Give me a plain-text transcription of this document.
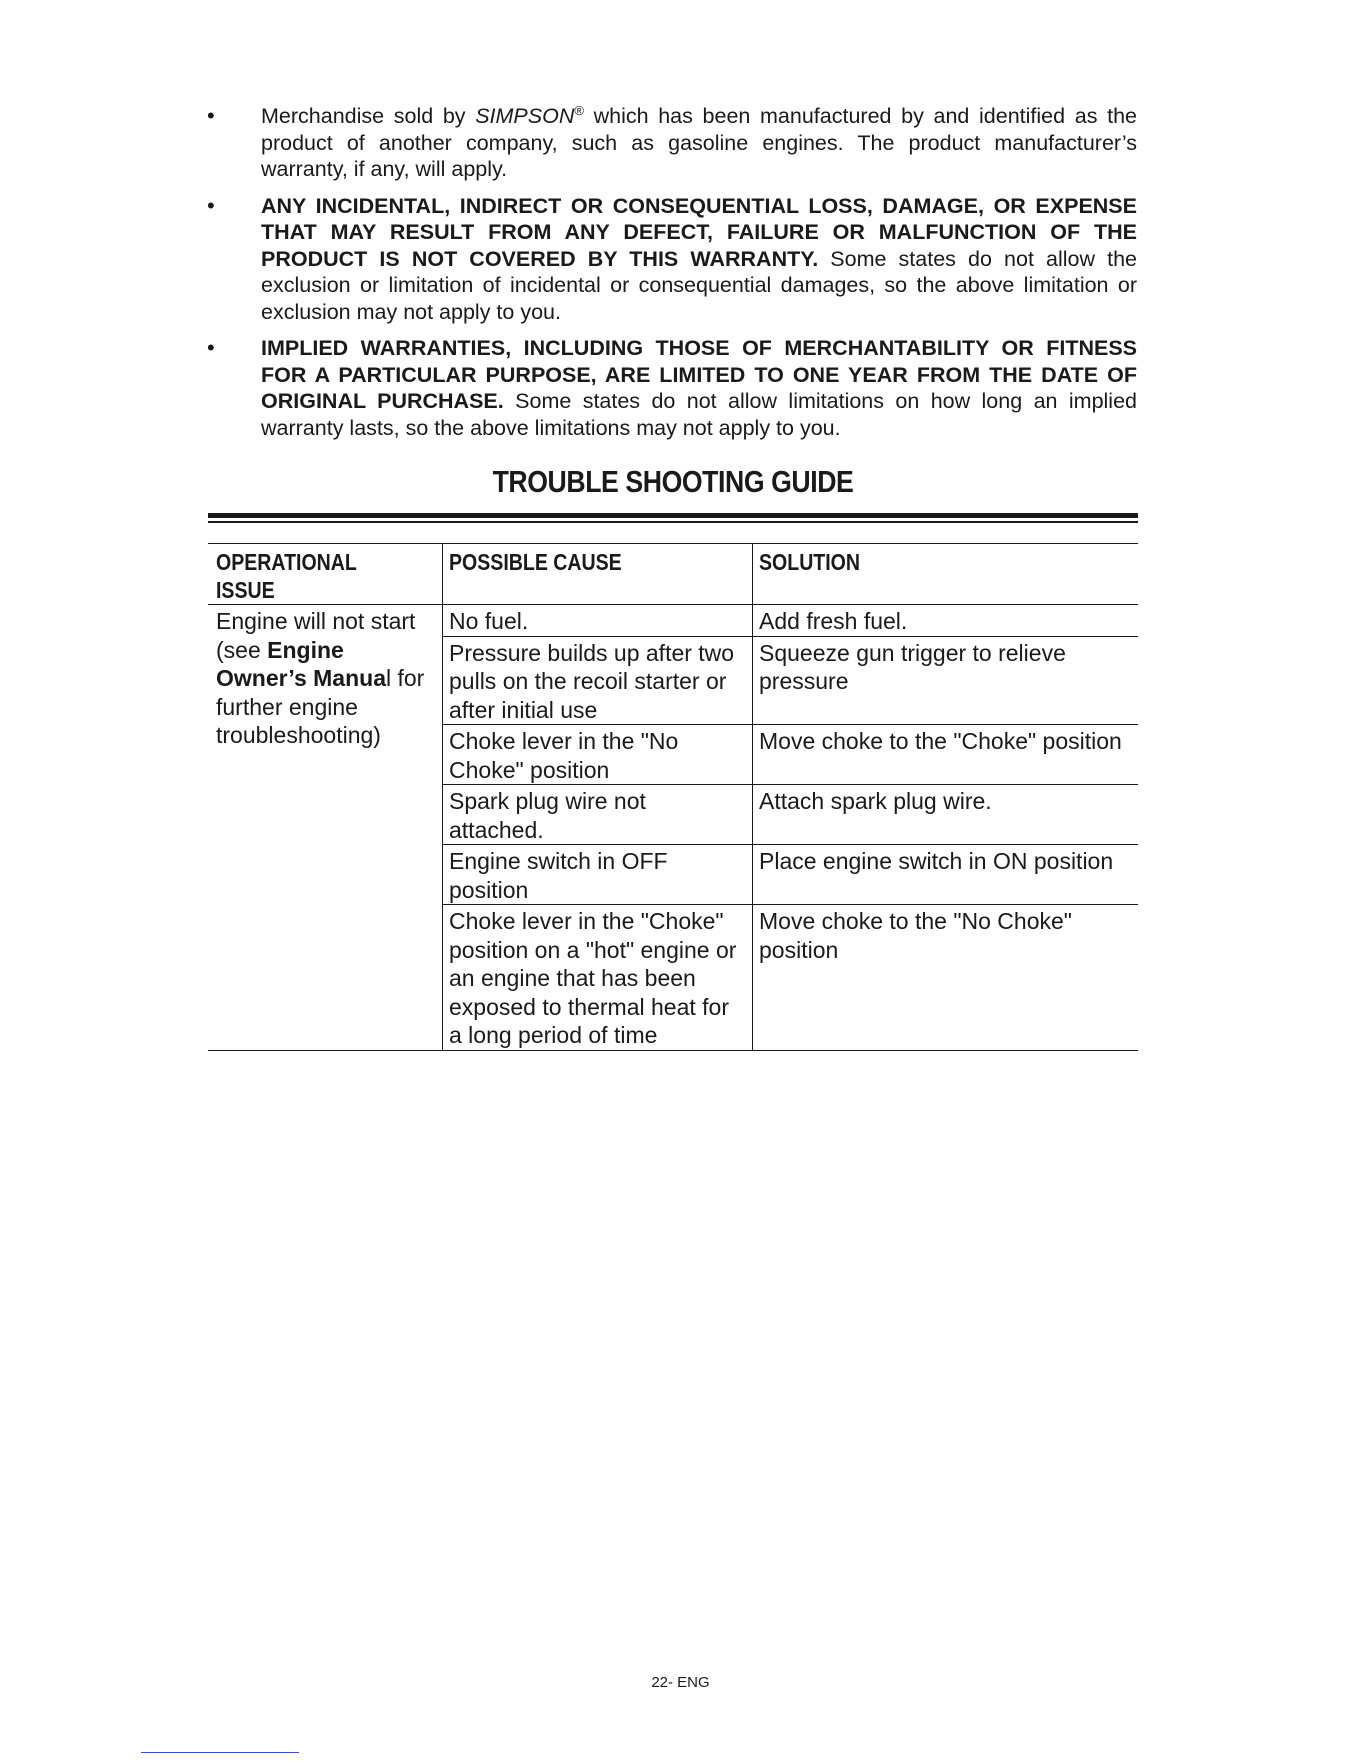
• Merchandise sold by SIMPSON® which has been manufactured by and identified as the product of another company, such as gasoline engines. The product manufacturer’s warranty, if any, will apply.
• ANY INCIDENTAL, INDIRECT OR CONSEQUENTIAL LOSS, DAMAGE, OR EXPENSE THAT MAY RESULT FROM ANY DEFECT, FAILURE OR MALFUNCTION OF THE PRODUCT IS NOT COVERED BY THIS WARRANTY. Some states do not allow the exclusion or limitation of incidental or consequential damages, so the above limitation or exclusion may not apply to you.
• IMPLIED WARRANTIES, INCLUDING THOSE OF MERCHANTABILITY OR FITNESS FOR A PARTICULAR PURPOSE, ARE LIMITED TO ONE YEAR FROM THE DATE OF ORIGINAL PURCHASE. Some states do not allow limitations on how long an implied warranty lasts, so the above limitations may not apply to you.
TROUBLE SHOOTING GUIDE
OPERATIONAL ISSUE	POSSIBLE CAUSE	SOLUTION
Engine will not start (see Engine Owner’s Manual for further engine troubleshooting)	No fuel.	Add fresh fuel.
	Pressure builds up after two pulls on the recoil starter or after initial use	Squeeze gun trigger to relieve pressure
	Choke lever in the "No Choke" position	Move choke to the "Choke" position
	Spark plug wire not attached.	Attach spark plug wire.
	Engine switch in OFF position	Place engine switch in ON position
	Choke lever in the "Choke" position on a "hot" engine or an engine that has been exposed to thermal heat for a long period of time	Move choke to the "No Choke" position
22- ENG
